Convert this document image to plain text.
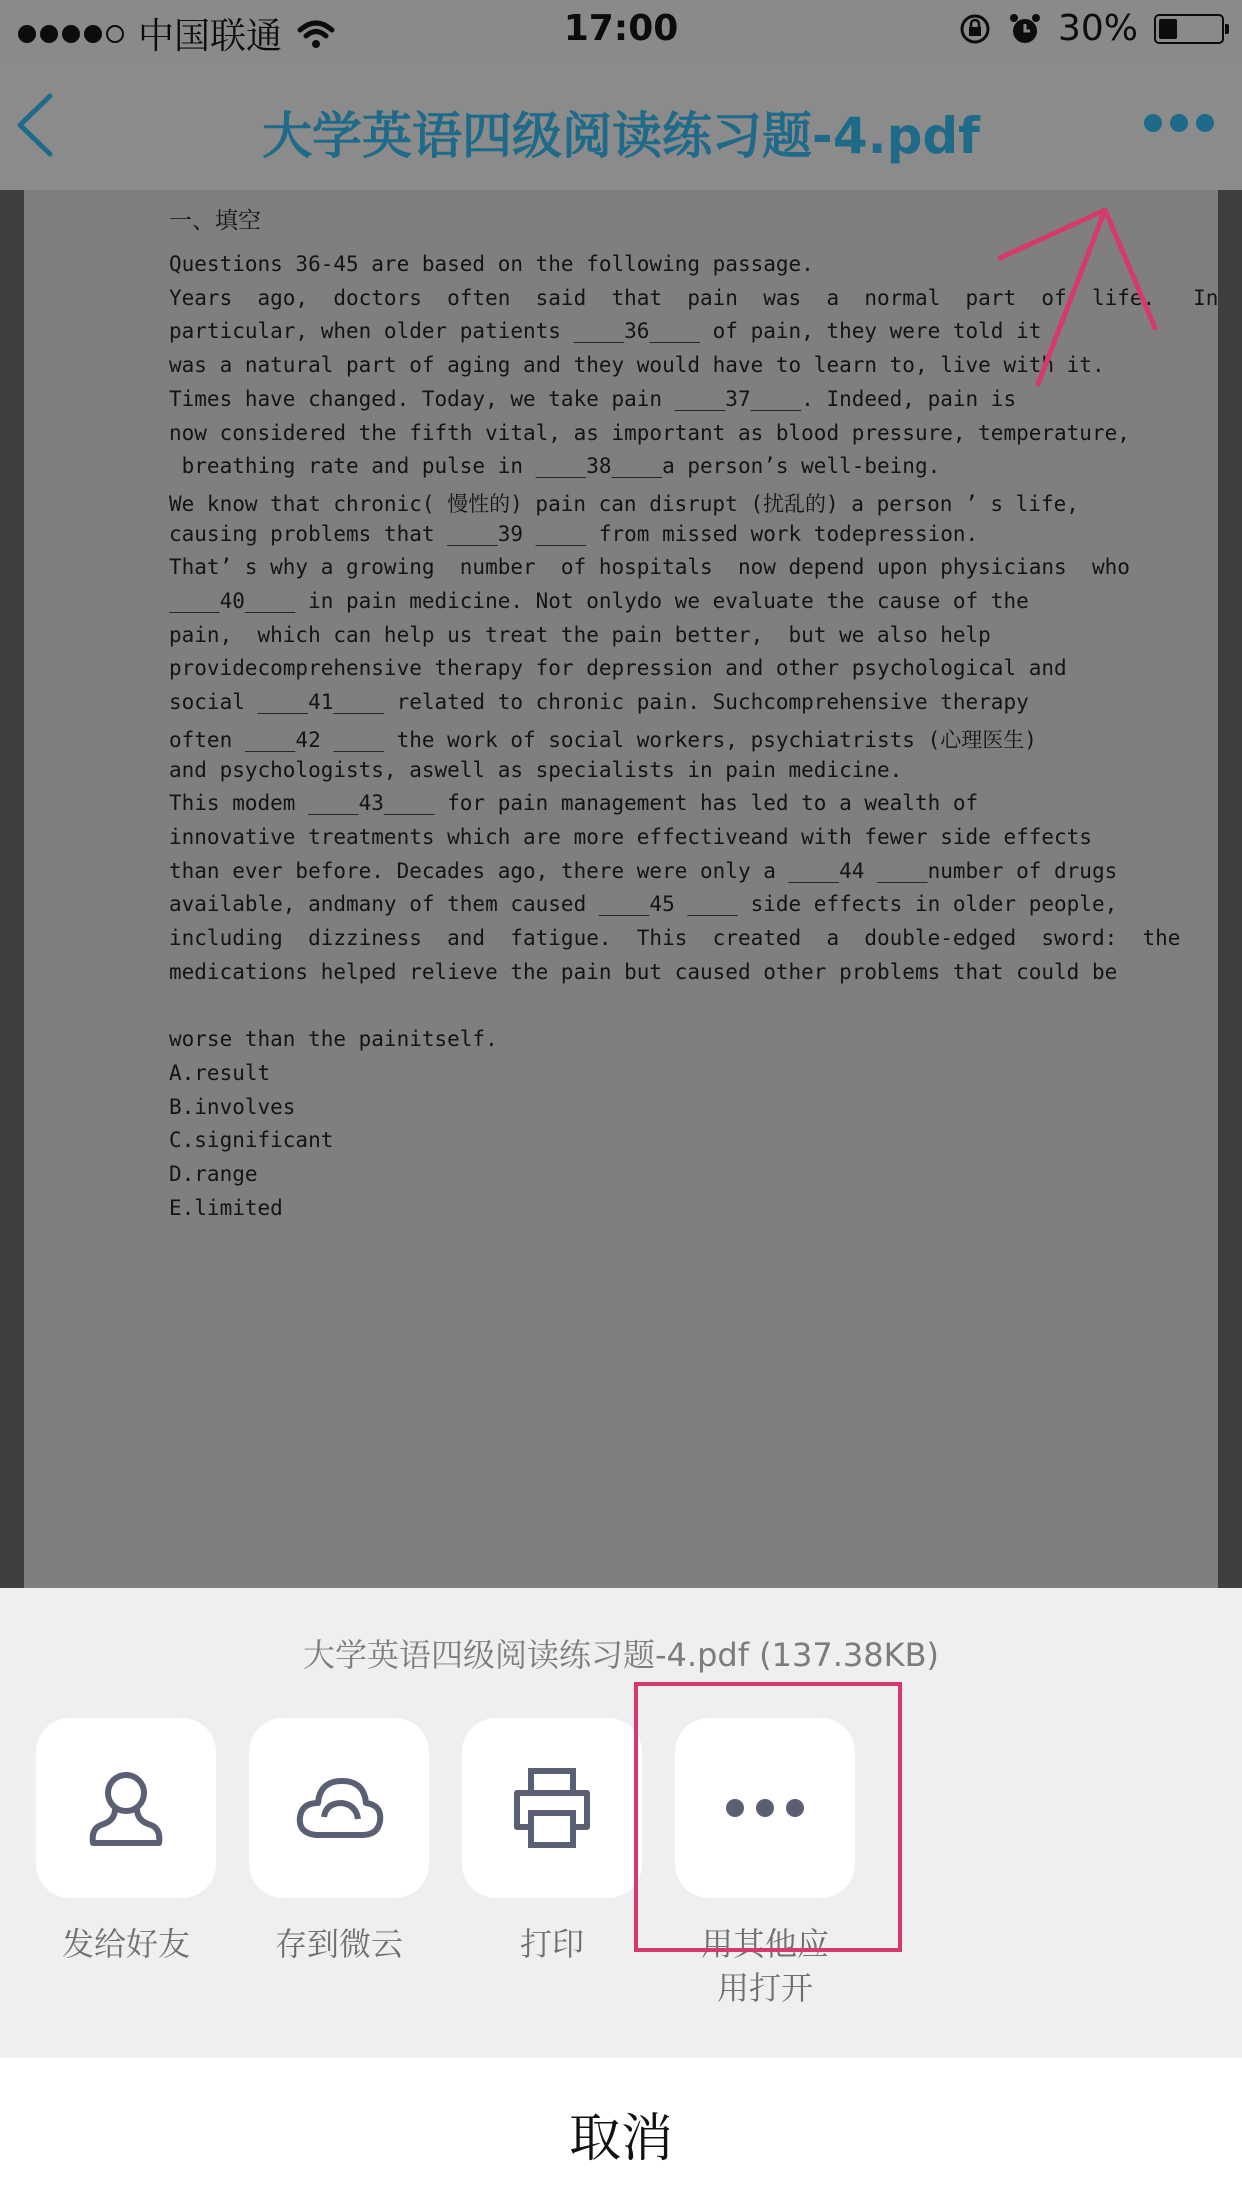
中国联通	17:00	30%
大学英语四级阅读练习题-4.pdf
一、填空
Questions 36-45 are based on the following passage.
Years  ago,  doctors  often  said  that  pain  was  a  normal  part  of  life.   In
particular, when older patients ____36____ of pain, they were told it
was a natural part of aging and they would have to learn to, live with it.
Times have changed. Today, we take pain ____37____. Indeed, pain is
now considered the fifth vital, as important as blood pressure, temperature,
breathing rate and pulse in ____38____a person’s well-being.
We know that chronic( 慢性的) pain can disrupt (扰乱的) a person ’ s life,
causing problems that ____39 ____ from missed work todepression.
That’ s why a growing  number  of hospitals  now depend upon physicians  who
____40____ in pain medicine. Not onlydo we evaluate the cause of the
pain,  which can help us treat the pain better,  but we also help
providecomprehensive therapy for depression and other psychological and
social ____41____ related to chronic pain. Suchcomprehensive therapy
often ____42 ____ the work of social workers, psychiatrists (心理医生)
and psychologists, aswell as specialists in pain medicine.
This modem ____43____ for pain management has led to a wealth of
innovative treatments which are more effectiveand with fewer side effects
than ever before. Decades ago, there were only a ____44 ____number of drugs
available, andmany of them caused ____45 ____ side effects in older people,
including  dizziness  and  fatigue.  This  created  a  double-edged  sword:  the
medications helped relieve the pain but caused other problems that could be
worse than the painitself.
A.result
B.involves
C.significant
D.range
E.limited
大学英语四级阅读练习题-4.pdf (137.38KB)
发给好友	存到微云	打印	用其他应用打开
取消
